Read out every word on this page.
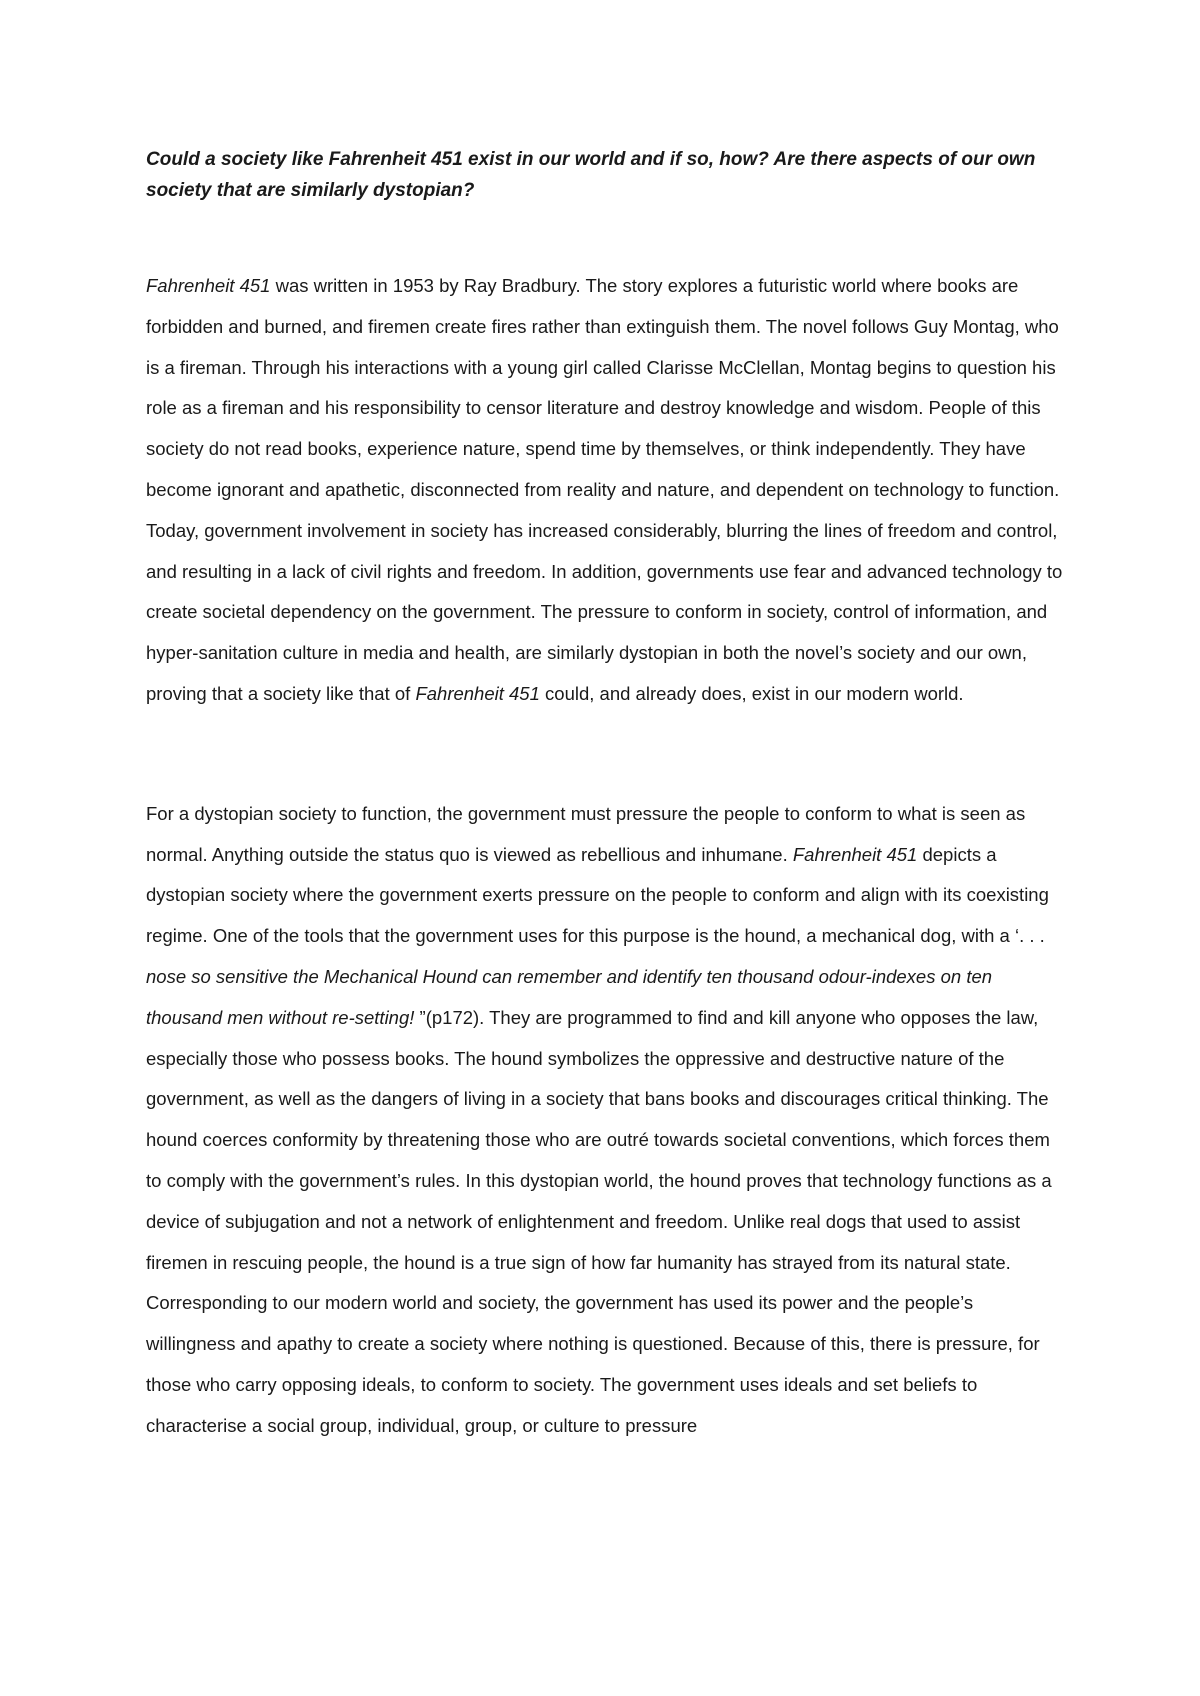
Could a society like Fahrenheit 451 exist in our world and if so, how? Are there aspects of our own society that are similarly dystopian?

Fahrenheit 451 was written in 1953 by Ray Bradbury. The story explores a futuristic world where books are forbidden and burned, and firemen create fires rather than extinguish them. The novel follows Guy Montag, who is a fireman. Through his interactions with a young girl called Clarisse McClellan, Montag begins to question his role as a fireman and his responsibility to censor literature and destroy knowledge and wisdom. People of this society do not read books, experience nature, spend time by themselves, or think independently. They have become ignorant and apathetic, disconnected from reality and nature, and dependent on technology to function. Today, government involvement in society has increased considerably, blurring the lines of freedom and control, and resulting in a lack of civil rights and freedom. In addition, governments use fear and advanced technology to create societal dependency on the government. The pressure to conform in society, control of information, and hyper-sanitation culture in media and health, are similarly dystopian in both the novel’s society and our own, proving that a society like that of Fahrenheit 451 could, and already does, exist in our modern world.

For a dystopian society to function, the government must pressure the people to conform to what is seen as normal. Anything outside the status quo is viewed as rebellious and inhumane. Fahrenheit 451 depicts a dystopian society where the government exerts pressure on the people to conform and align with its coexisting regime. One of the tools that the government uses for this purpose is the hound, a mechanical dog, with a ‘. . . nose so sensitive the Mechanical Hound can remember and identify ten thousand odour-indexes on ten thousand men without re-setting! ”(p172). They are programmed to find and kill anyone who opposes the law, especially those who possess books. The hound symbolizes the oppressive and destructive nature of the government, as well as the dangers of living in a society that bans books and discourages critical thinking. The hound coerces conformity by threatening those who are outré towards societal conventions, which forces them to comply with the government’s rules. In this dystopian world, the hound proves that technology functions as a device of subjugation and not a network of enlightenment and freedom. Unlike real dogs that used to assist firemen in rescuing people, the hound is a true sign of how far humanity has strayed from its natural state. Corresponding to our modern world and society, the government has used its power and the people’s willingness and apathy to create a society where nothing is questioned. Because of this, there is pressure, for those who carry opposing ideals, to conform to society. The government uses ideals and set beliefs to characterise a social group, individual, group, or culture to pressure
